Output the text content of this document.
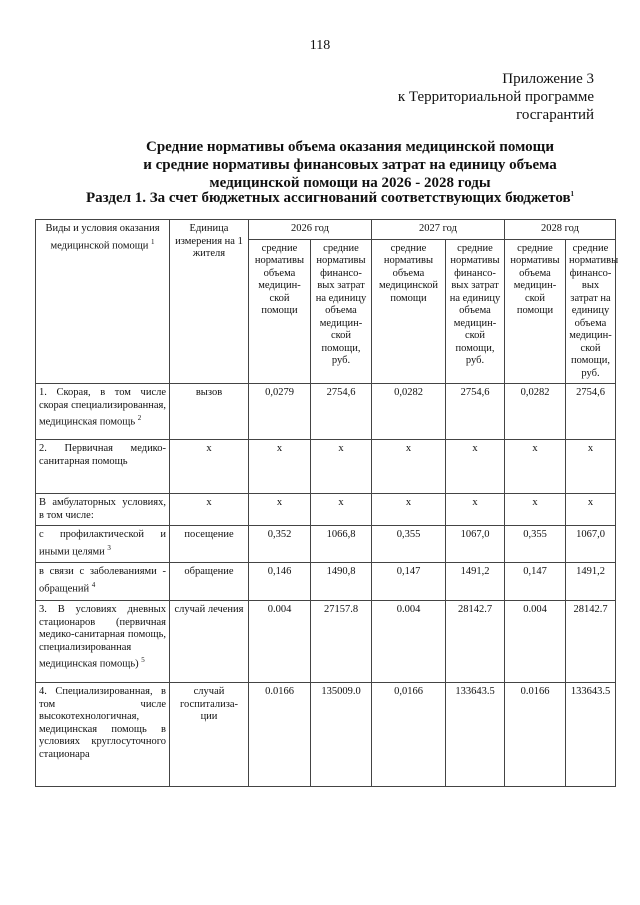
118
Приложение 3
к Территориальной программе
госгарантий
Средние нормативы объема оказания медицинской помощи
и средние нормативы финансовых затрат на единицу объема
медицинской помощи на 2026 - 2028 годы
Раздел 1. За счет бюджетных ассигнований соответствующих бюджетов$^1$
Виды и условия оказания медицинской помощи $^1$	Единица измерения на 1 жителя	2026 год		2027 год		2028 год	
		средние нормативы объема медицин-ской помощи	средние нормативы финансо-вых затрат на единицу объема медицин-ской помощи, руб.	средние нормативы объема медицинской помощи	средние нормативы финансо-вых затрат на единицу объема медицин-ской помощи, руб.	средние нормативы объема медицин-ской помощи	средние нормативы финансо-вых затрат на единицу объема медицин-ской помощи, руб.
1. Скорая, в том числе скорая специализированная, медицинская помощь $^2$	вызов	0,0279	2754,6	0,0282	2754,6	0,0282	2754,6
2. Первичная медико-санитарная помощь	х	х	х	х	х	х	х
В амбулаторных условиях, в том числе:	х	х	х	х	х	х	х
с профилактической и иными целями $^3$	посещение	0,352	1066,8	0,355	1067,0	0,355	1067,0
в связи с заболеваниями - обращений $^4$	обращение	0,146	1490,8	0,147	1491,2	0,147	1491,2
3. В условиях дневных стационаров (первичная медико-санитарная помощь, специализированная медицинская помощь) $^5$	случай лечения	0.004	27157.8	0.004	28142.7	0.004	28142.7
4. Специализированная, в том числе высокотехнологичная, медицинская помощь в условиях круглосуточного стационара	случай госпитализа-ции	0.0166	135009.0	0,0166	133643.5	0.0166	133643.5
